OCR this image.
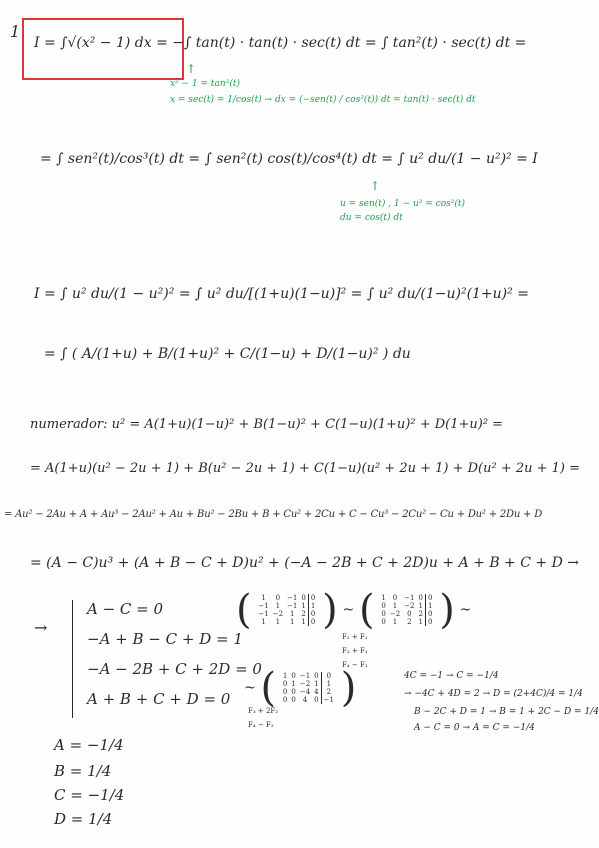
1
I = ∫√(x² − 1) dx = −∫ tan(t) · tan(t) · sec(t) dt = ∫ tan²(t) · sec(t) dt =
↑
x² − 1 = tan²(t)
x = sec(t) = 1/cos(t) → dx = (−sen(t) / cos²(t)) dt = tan(t) · sec(t) dt
= ∫ sen²(t)/cos³(t) dt = ∫ sen²(t) cos(t)/cos⁴(t) dt = ∫ u² du/(1 − u²)² = I
↑
u = sen(t) , 1 − u² = cos²(t)
du = cos(t) dt
I = ∫ u² du/(1 − u²)² = ∫ u² du/[(1+u)(1−u)]² = ∫ u² du/(1−u)²(1+u)² =
= ∫ ( A/(1+u) + B/(1+u)² + C/(1−u) + D/(1−u)² ) du
numerador: u² = A(1+u)(1−u)² + B(1−u)² + C(1−u)(1+u)² + D(1+u)² =
= A(1+u)(u² − 2u + 1) + B(u² − 2u + 1) + C(1−u)(u² + 2u + 1) + D(u² + 2u + 1) =
= Au² − 2Au + A + Au³ − 2Au² + Au + Bu² − 2Bu + B + Cu² + 2Cu + C − Cu³ − 2Cu² − Cu + Du² + 2Du + D
= (A − C)u³ + (A + B − C + D)u² + (−A − 2B + C + 2D)u + A + B + C + D →
→
A − C = 0
−A + B − C + D = 1
−A − 2B + C + 2D = 0
A + B + C + D = 0
( 1	0	−1	0	0
−1	1	−1	1	1
−1	−2	1	2	0
1	1	1	1	0 ) ~ ( 1	0	−1	0	0
0	1	−2	1	1
0	−2	0	2	0
0	1	2	1	0 ) ~
F₂ + F₁
F₃ + F₁
F₄ − F₁
~ ( 1	0	−1	0	0
0	1	−2	1	1
0	0	−4	4	2
0	0	4	0	−1 )
F₃ + 2F₂
F₄ − F₂
4C = −1 → C = −1/4
→ −4C + 4D = 2 → D = (2+4C)/4 = 1/4
B − 2C + D = 1 → B = 1 + 2C − D = 1/4
A − C = 0 → A = C = −1/4
A = −1/4
B = 1/4
C = −1/4
D = 1/4
